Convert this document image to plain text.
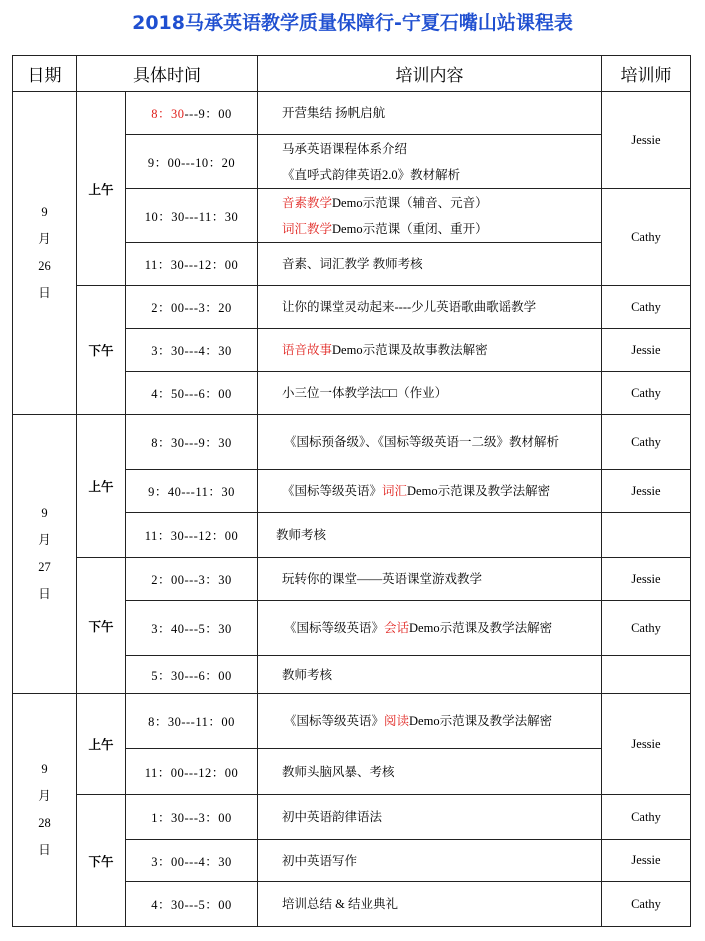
2018马承英语教学质量保障行-宁夏石嘴山站课程表
日期	具体时间		培训内容	培训师

9
月
26
日	上午	8：30---9：00	开营集结 扬帆启航	Jessie
		9：00---10：20	马承英语课程体系介绍
《直呼式韵律英语2.0》教材解析	

		10：30---11：30	音素教学Demo示范课（辅音、元音）
词汇教学Demo示范课（重闭、重开）	Cathy
		11：30---12：00	音素、词汇教学 教师考核	
	下午	2：00---3：20	让你的课堂灵动起来----少儿英语歌曲歌谣教学	Cathy
		3：30---4：30	语音故事Demo示范课及故事教法解密	Jessie
		4：50---6：00	小三位一体教学法□□（作业）	Cathy

9
月
27
日	上午	8：30---9：30	《国标预备级》、《国标等级英语一二级》教材解析	Cathy
		9：40---11：30	《国标等级英语》词汇Demo示范课及教学法解密	Jessie
		11：30---12：00	教师考核	
	下午	2：00---3：30	玩转你的课堂——英语课堂游戏教学	Jessie
		3：40---5：30	《国标等级英语》会话Demo示范课及教学法解密	Cathy
		5：30---6：00	教师考核	

9
月
28
日	上午	8：30---11：00	《国标等级英语》阅读Demo示范课及教学法解密	Jessie
		11：00---12：00	教师头脑风暴、考核	
	下午	1：30---3：00	初中英语韵律语法	Cathy
		3：00---4：30	初中英语写作	Jessie
		4：30---5：00	培训总结 & 结业典礼	Cathy
